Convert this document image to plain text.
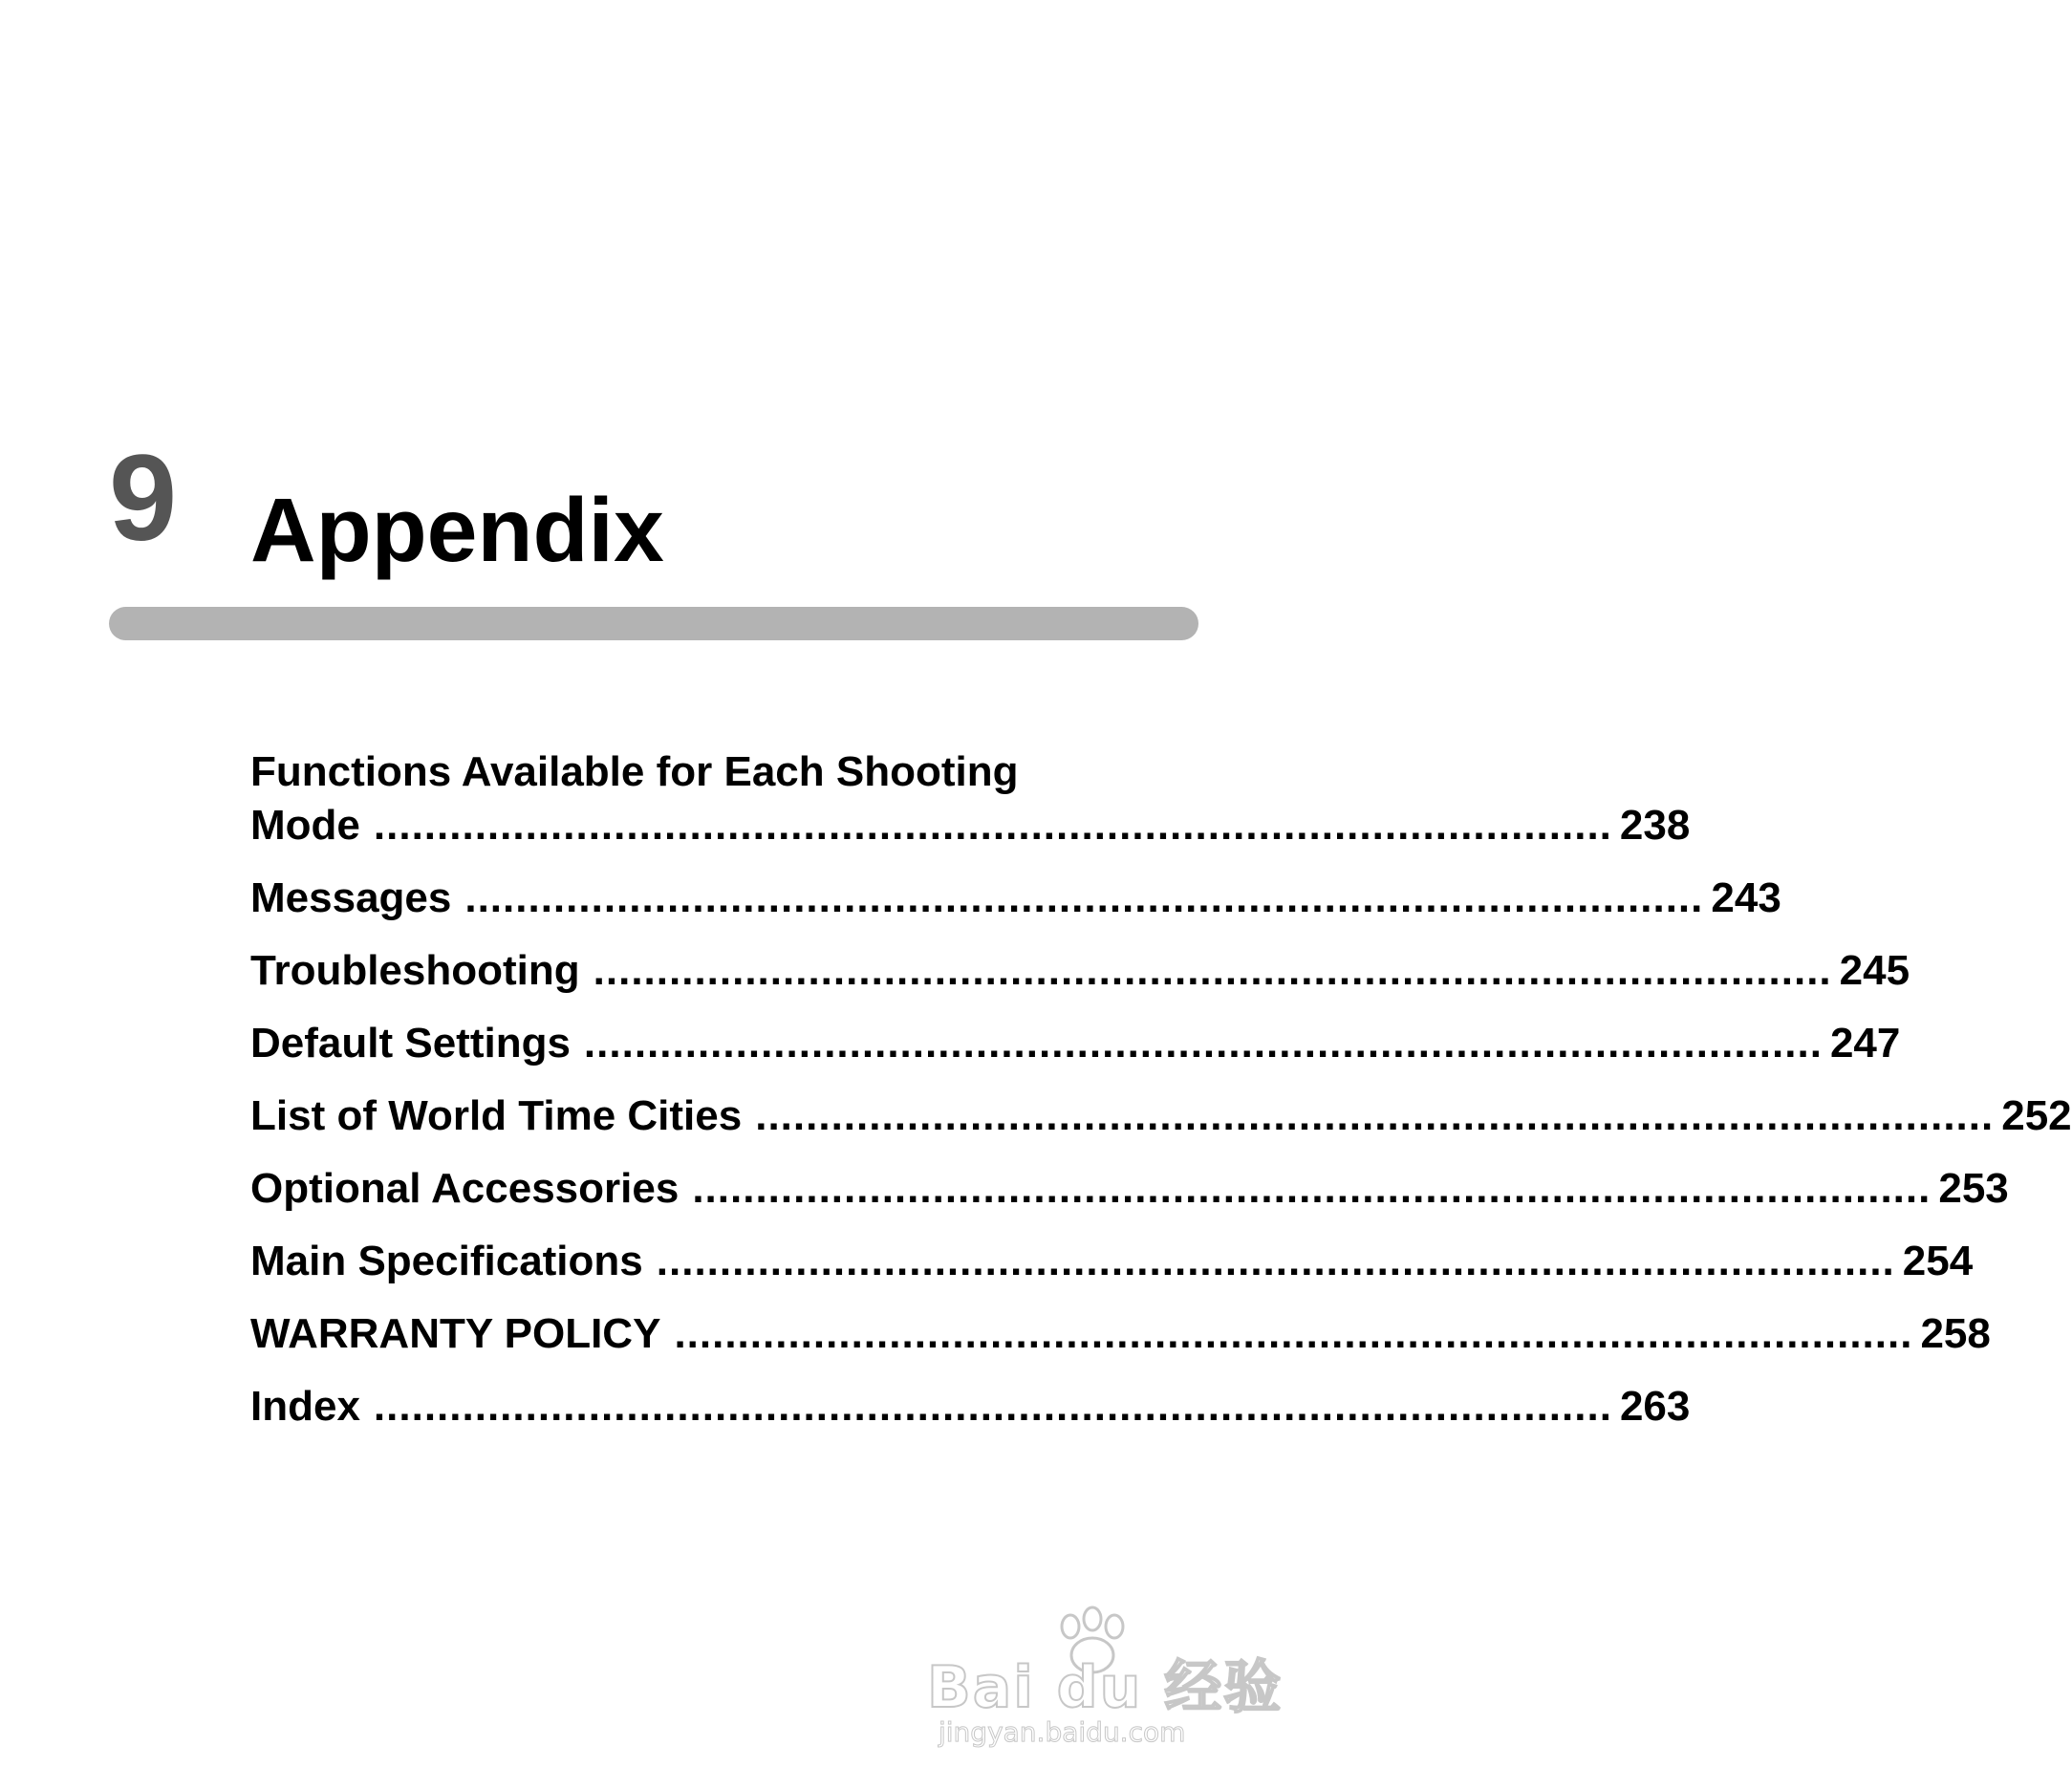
9 Appendix
Functions Available for Each Shooting
Mode .................................................................................................. 238
Messages .................................................................................................. 243
Troubleshooting .................................................................................................. 245
Default Settings .................................................................................................. 247
List of World Time Cities .................................................................................................. 252
Optional Accessories .................................................................................................. 253
Main Specifications .................................................................................................. 254
WARRANTY POLICY .................................................................................................. 258
Index .................................................................................................. 263
Bai du 经验
jingyan.baidu.com
